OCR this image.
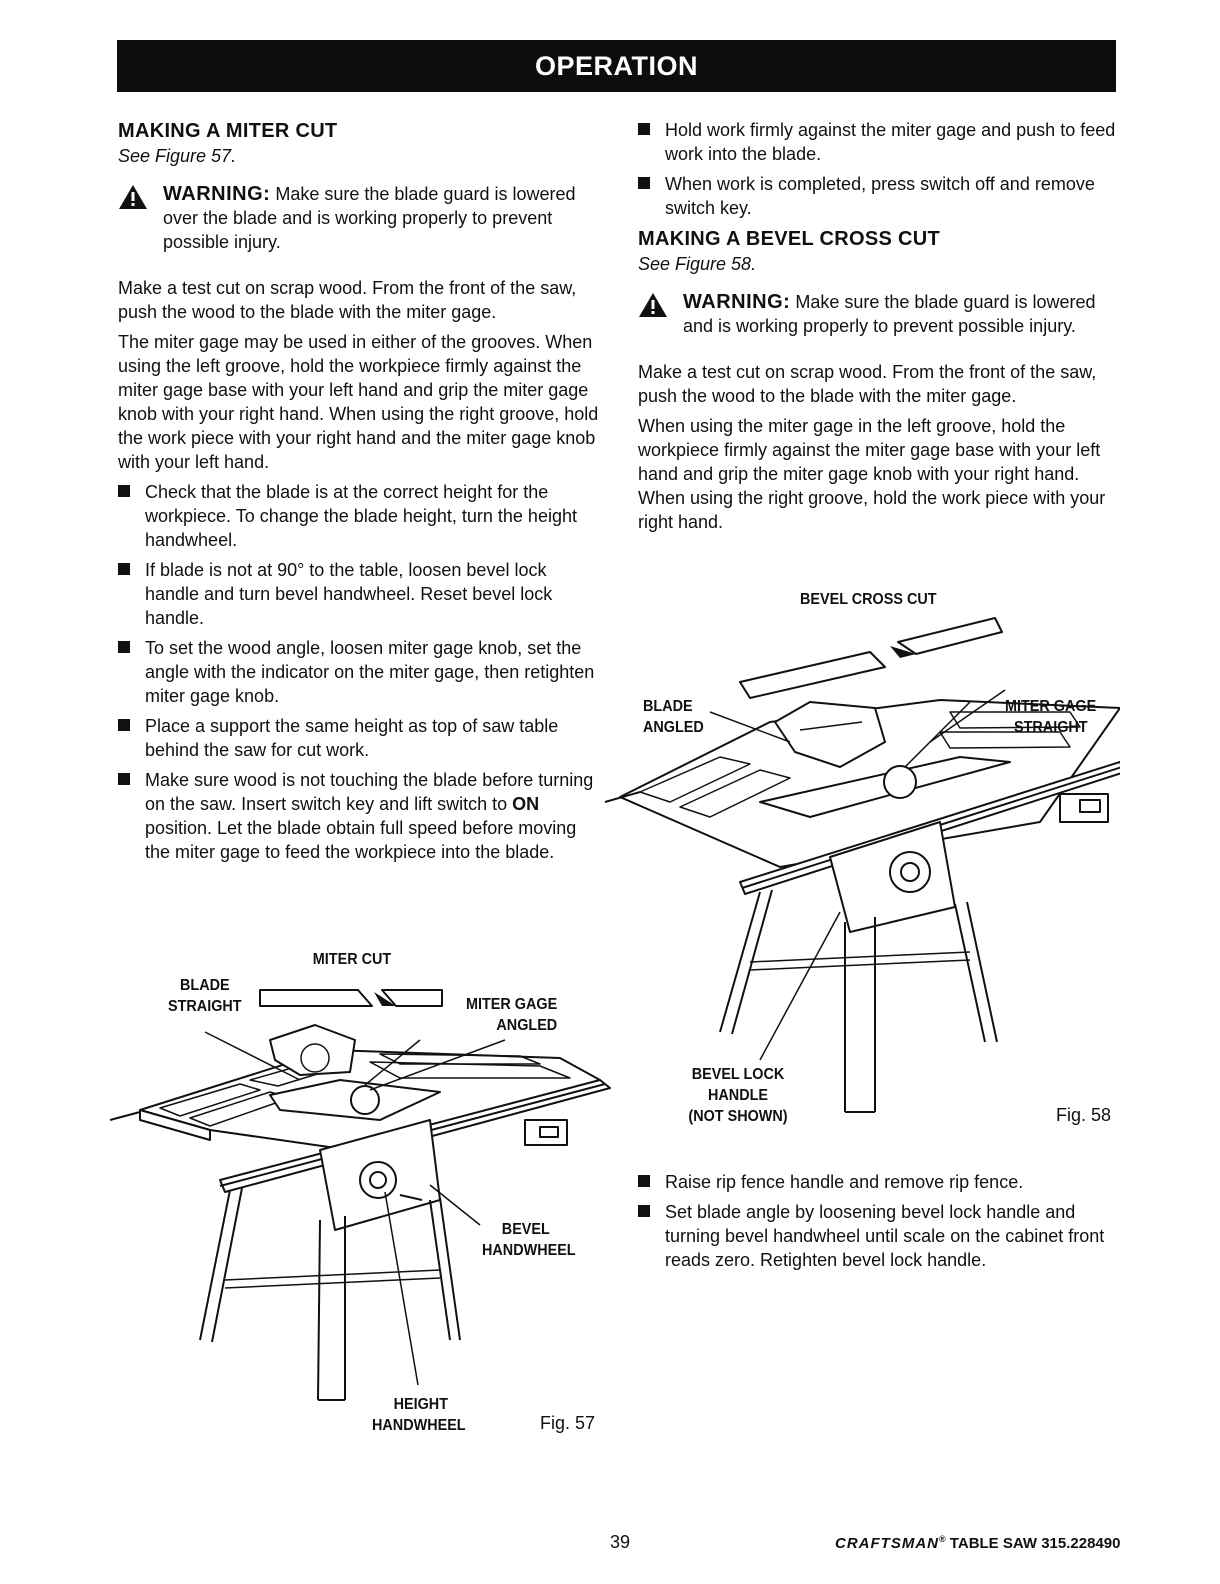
OPERATION
MAKING A MITER CUT
See Figure 57.
WARNING: Make sure the blade guard is lowered over the blade and is working properly to prevent possible injury.

Make a test cut on scrap wood. From the front of the saw, push the wood to the blade with the miter gage.

The miter gage may be used in either of the grooves. When using the left groove, hold the workpiece firmly against the miter gage base with your left hand and grip the miter gage knob with your right hand. When using the right groove, hold the work piece with your right hand and the miter gage knob with your left hand.

Check that the blade is at the correct height for the workpiece. To change the blade height, turn the height handwheel.
If blade is not at 90° to the table, loosen bevel lock handle and turn bevel handwheel. Reset bevel lock handle.
To set the wood angle, loosen miter gage knob, set the angle with the indicator on the miter gage, then retighten miter gage knob.
Place a support the same height as top of saw table behind the saw for cut work.
Make sure wood is not touching the blade before turning on the saw. Insert switch key and lift switch to ON position. Let the blade obtain full speed before moving the miter gage to feed the workpiece into the blade.
Hold work firmly against the miter gage and push to feed work into the blade.
When work is completed, press switch off and remove switch key.
MAKING A BEVEL CROSS CUT
See Figure 58.
WARNING: Make sure the blade guard is lowered and is working properly to prevent possible injury.

Make a test cut on scrap wood. From the front of the saw, push the wood to the blade with the miter gage.

When using the miter gage in the left groove, hold the workpiece firmly against the miter gage base with your left hand and grip the miter gage knob with your right hand. When using the right groove, hold the work piece with your right hand.

Raise rip fence handle and remove rip fence.
Set blade angle by loosening bevel lock handle and turning bevel handwheel until scale on the cabinet front reads zero. Retighten bevel lock handle.
MITER CUT
BLADE
STRAIGHT	MITER GAGE
ANGLED
BEVEL
HANDWHEEL
HEIGHT
HANDWHEEL	Fig. 57
BEVEL CROSS CUT
BLADE
ANGLED
MITER GAGE
STRAIGHT
BEVEL LOCK
HANDLE
(NOT SHOWN)	Fig. 58
39	CRAFTSMAN® TABLE SAW 315.228490
